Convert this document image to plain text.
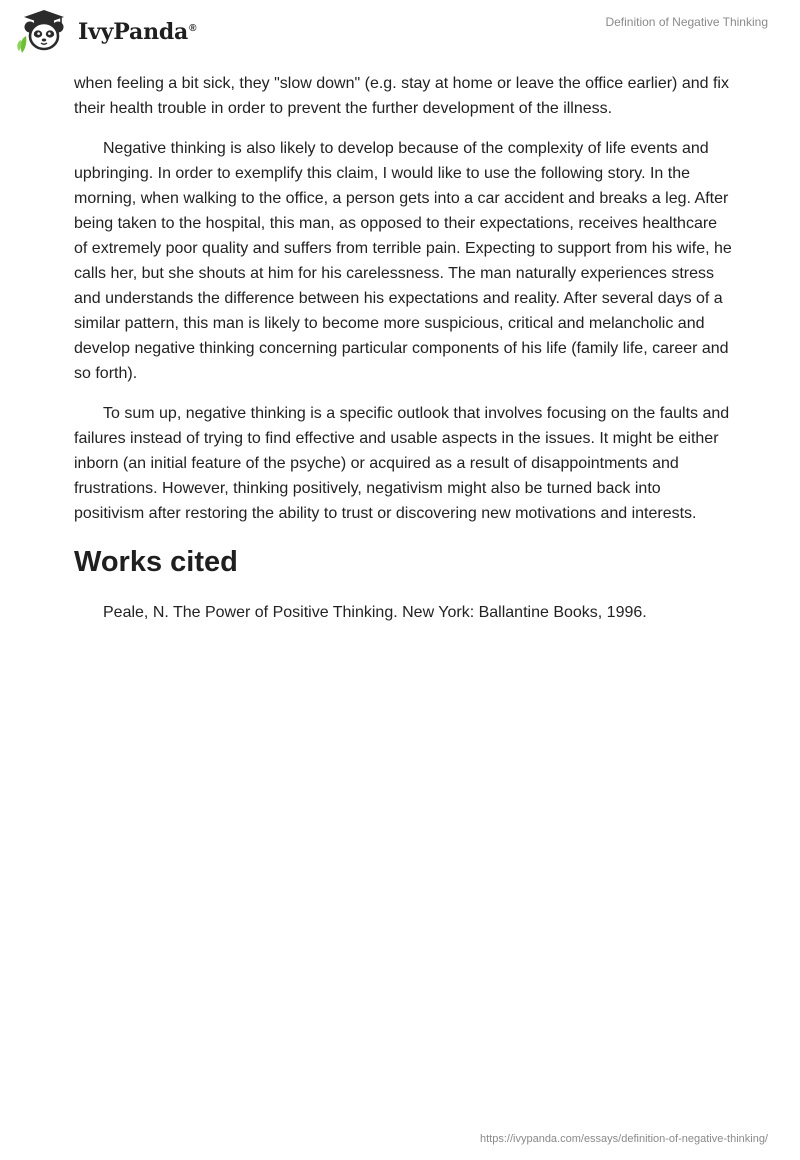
IvyPanda®	Definition of Negative Thinking

when feeling a bit sick, they "slow down" (e.g. stay at home or leave the office earlier) and fix their health trouble in order to prevent the further development of the illness.

Negative thinking is also likely to develop because of the complexity of life events and upbringing. In order to exemplify this claim, I would like to use the following story. In the morning, when walking to the office, a person gets into a car accident and breaks a leg. After being taken to the hospital, this man, as opposed to their expectations, receives healthcare of extremely poor quality and suffers from terrible pain. Expecting to support from his wife, he calls her, but she shouts at him for his carelessness. The man naturally experiences stress and understands the difference between his expectations and reality. After several days of a similar pattern, this man is likely to become more suspicious, critical and melancholic and develop negative thinking concerning particular components of his life (family life, career and so forth).

To sum up, negative thinking is a specific outlook that involves focusing on the faults and failures instead of trying to find effective and usable aspects in the issues. It might be either inborn (an initial feature of the psyche) or acquired as a result of disappointments and frustrations. However, thinking positively, negativism might also be turned back into positivism after restoring the ability to trust or discovering new motivations and interests.

Works cited

Peale, N. The Power of Positive Thinking. New York: Ballantine Books, 1996.

https://ivypanda.com/essays/definition-of-negative-thinking/
